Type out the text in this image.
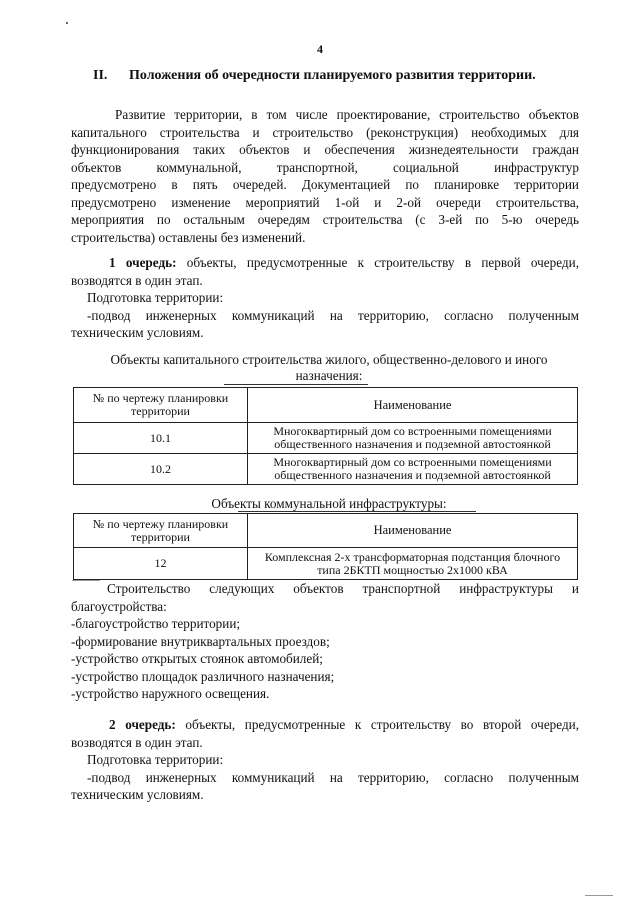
4
II. Положения об очередности планируемого развития территории.
Развитие территории, в том числе проектирование, строительство объектов
капитального строительства и строительство (реконструкция) необходимых для
функционирования таких объектов и обеспечения жизнедеятельности граждан
объектов коммунальной, транспортной, социальной инфраструктур
предусмотрено в пять очередей. Документацией по планировке территории
предусмотрено изменение мероприятий 1-ой и 2-ой очереди строительства,
мероприятия по остальным очередям строительства (с 3-ей по 5-ю очередь
строительства) оставлены без изменений.
1 очередь: объекты, предусмотренные к строительству в первой очереди,
возводятся в один этап.
Подготовка территории:
-подвод инженерных коммуникаций на территорию, согласно полученным
техническим условиям.
Объекты капитального строительства жилого, общественно-делового и иного
назначения:
№ по чертежу планировки территории	Наименование
10.1	Многоквартирный дом со встроенными помещениями общественного назначения и подземной автостоянкой
10.2	Многоквартирный дом со встроенными помещениями общественного назначения и подземной автостоянкой
Объекты коммунальной инфраструктуры:
№ по чертежу планировки территории	Наименование
12	Комплексная 2-х трансформаторная подстанция блочного типа 2БКТП мощностью 2х1000 кВА
Строительство следующих объектов транспортной инфраструктуры и
благоустройства:
-благоустройство территории;
-формирование внутриквартальных проездов;
-устройство открытых стоянок автомобилей;
-устройство площадок различного назначения;
-устройство наружного освещения.
2 очередь: объекты, предусмотренные к строительству во второй очереди,
возводятся в один этап.
Подготовка территории:
-подвод инженерных коммуникаций на территорию, согласно полученным
техническим условиям.
